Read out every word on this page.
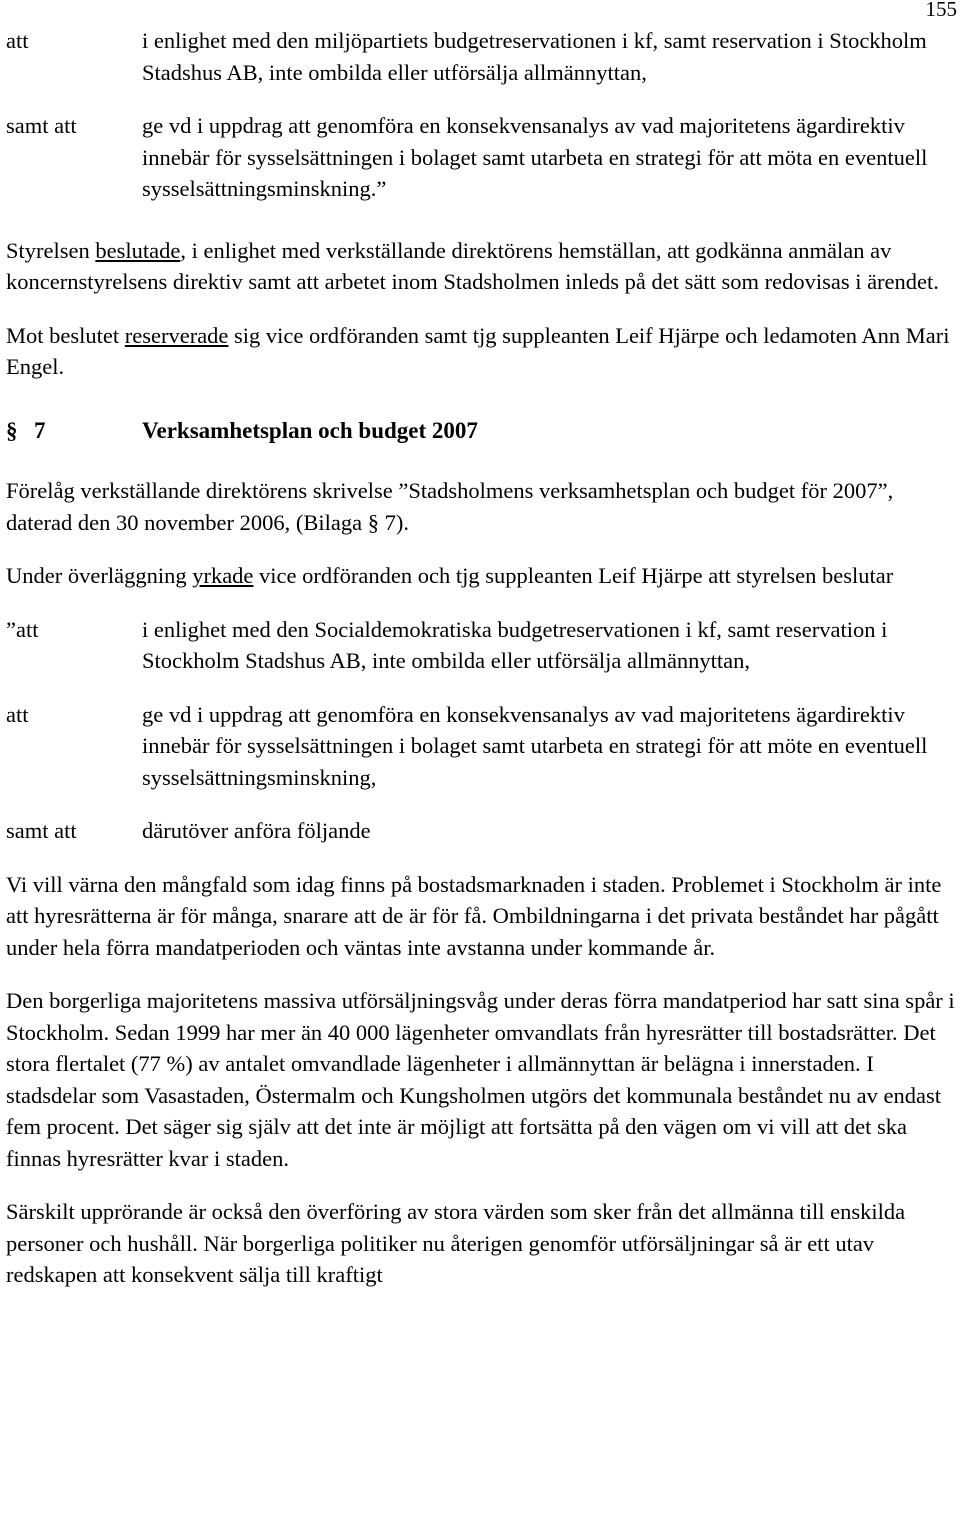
155
att	i enlighet med den miljöpartiets budgetreservationen i kf, samt reservation i Stockholm Stadshus AB, inte ombilda eller utförsälja allmännyttan,
samt att	ge vd i uppdrag att genomföra en konsekvensanalys av vad majoritetens ägardirektiv innebär för sysselsättningen i bolaget samt utarbeta en strategi för att möta en eventuell sysselsättningsminskning.”

Styrelsen beslutade, i enlighet med verkställande direktörens hemställan, att godkänna anmälan av koncernstyrelsens direktiv samt att arbetet inom Stadsholmen inleds på det sätt som redovisas i ärendet.

Mot beslutet reserverade sig vice ordföranden samt tjg suppleanten Leif Hjärpe och ledamoten Ann Mari Engel.

§ 7	Verksamhetsplan och budget 2007

Förelåg verkställande direktörens skrivelse ”Stadsholmens verksamhetsplan och budget för 2007”, daterad den 30 november 2006, (Bilaga § 7).

Under överläggning yrkade vice ordföranden och tjg suppleanten Leif Hjärpe att styrelsen beslutar

”att	i enlighet med den Socialdemokratiska budgetreservationen i kf, samt reservation i Stockholm Stadshus AB, inte ombilda eller utförsälja allmännyttan,
att	ge vd i uppdrag att genomföra en konsekvensanalys av vad majoritetens ägardirektiv innebär för sysselsättningen i bolaget samt utarbeta en strategi för att möte en eventuell sysselsättningsminskning,
samt att	därutöver anföra följande

Vi vill värna den mångfald som idag finns på bostadsmarknaden i staden. Problemet i Stockholm är inte att hyresrätterna är för många, snarare att de är för få. Ombildningarna i det privata beståndet har pågått under hela förra mandatperioden och väntas inte avstanna under kommande år.

Den borgerliga majoritetens massiva utförsäljningsvåg under deras förra mandatperiod har satt sina spår i Stockholm. Sedan 1999 har mer än 40 000 lägenheter omvandlats från hyresrätter till bostadsrätter. Det stora flertalet (77 %) av antalet omvandlade lägenheter i allmännyttan är belägna i innerstaden. I stadsdelar som Vasastaden, Östermalm och Kungsholmen utgörs det kommunala beståndet nu av endast fem procent. Det säger sig själv att det inte är möjligt att fortsätta på den vägen om vi vill att det ska finnas hyresrätter kvar i staden.

Särskilt upprörande är också den överföring av stora värden som sker från det allmänna till enskilda personer och hushåll. När borgerliga politiker nu återigen genomför utförsäljningar så är ett utav redskapen att konsekvent sälja till kraftigt
